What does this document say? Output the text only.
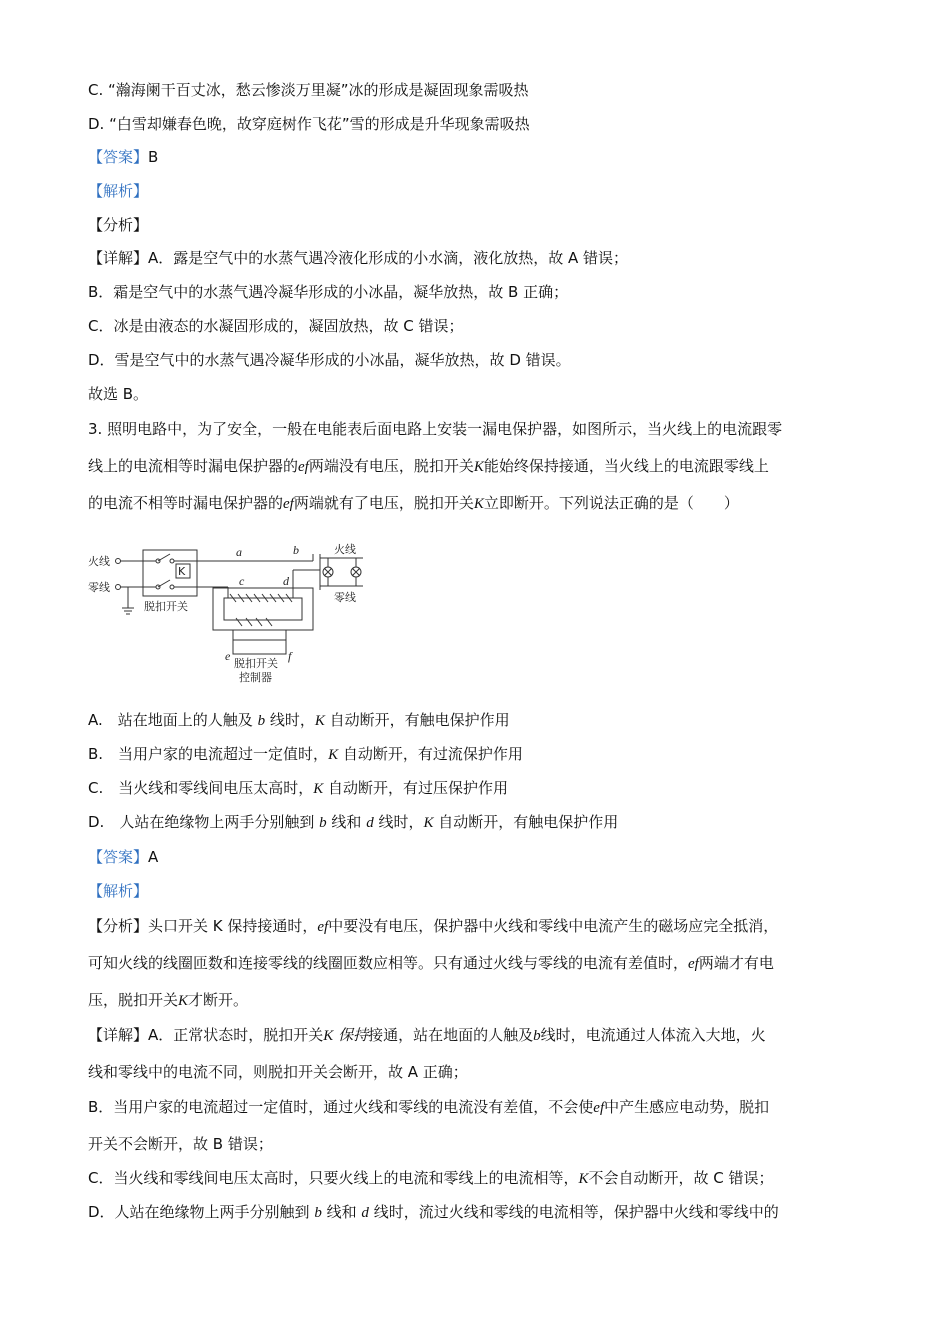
C. “瀚海阑干百丈冰，愁云惨淡万里凝”冰的形成是凝固现象需吸热
D. “白雪却嫌春色晚，故穿庭树作飞花”雪的形成是升华现象需吸热
【答案】B
【解析】
【分析】
【详解】A．露是空气中的水蒸气遇冷液化形成的小水滴，液化放热，故 A 错误；
B．霜是空气中的水蒸气遇冷凝华形成的小冰晶，凝华放热，故 B 正确；
C．冰是由液态的水凝固形成的，凝固放热，故 C 错误；
D．雪是空气中的水蒸气遇冷凝华形成的小冰晶，凝华放热，故 D 错误。
故选 B。
3. 照明电路中，为了安全，一般在电能表后面电路上安装一漏电保护器，如图所示，当火线上的电流跟零
线上的电流相等时漏电保护器的ef两端没有电压，脱扣开关K能始终保持接通，当火线上的电流跟零线上
的电流不相等时漏电保护器的ef两端就有了电压，脱扣开关K立即断开。下列说法正确的是（　　）
火线
零线
K
脱扣开关
火线
零线
脱扣开关
控制器
a	b
c	d
e	f
A.　站在地面上的人触及 b 线时，K 自动断开，有触电保护作用
B.　当用户家的电流超过一定值时，K 自动断开，有过流保护作用
C.　当火线和零线间电压太高时，K 自动断开，有过压保护作用
D.　人站在绝缘物上两手分别触到 b 线和 d 线时，K 自动断开，有触电保护作用
【答案】A
【解析】
【分析】头口开关 K 保持接通时，ef中要没有电压，保护器中火线和零线中电流产生的磁场应完全抵消，
可知火线的线圈匝数和连接零线的线圈匝数应相等。只有通过火线与零线的电流有差值时，ef两端才有电
压，脱扣开关K才断开。
【详解】A．正常状态时，脱扣开关K 保持接通，站在地面的人触及b线时，电流通过人体流入大地，火
线和零线中的电流不同，则脱扣开关会断开，故 A 正确；
B．当用户家的电流超过一定值时，通过火线和零线的电流没有差值，不会使ef中产生感应电动势，脱扣
开关不会断开，故 B 错误；
C．当火线和零线间电压太高时，只要火线上的电流和零线上的电流相等，K不会自动断开，故 C 错误；
D．人站在绝缘物上两手分别触到 b 线和 d 线时，流过火线和零线的电流相等，保护器中火线和零线中的
